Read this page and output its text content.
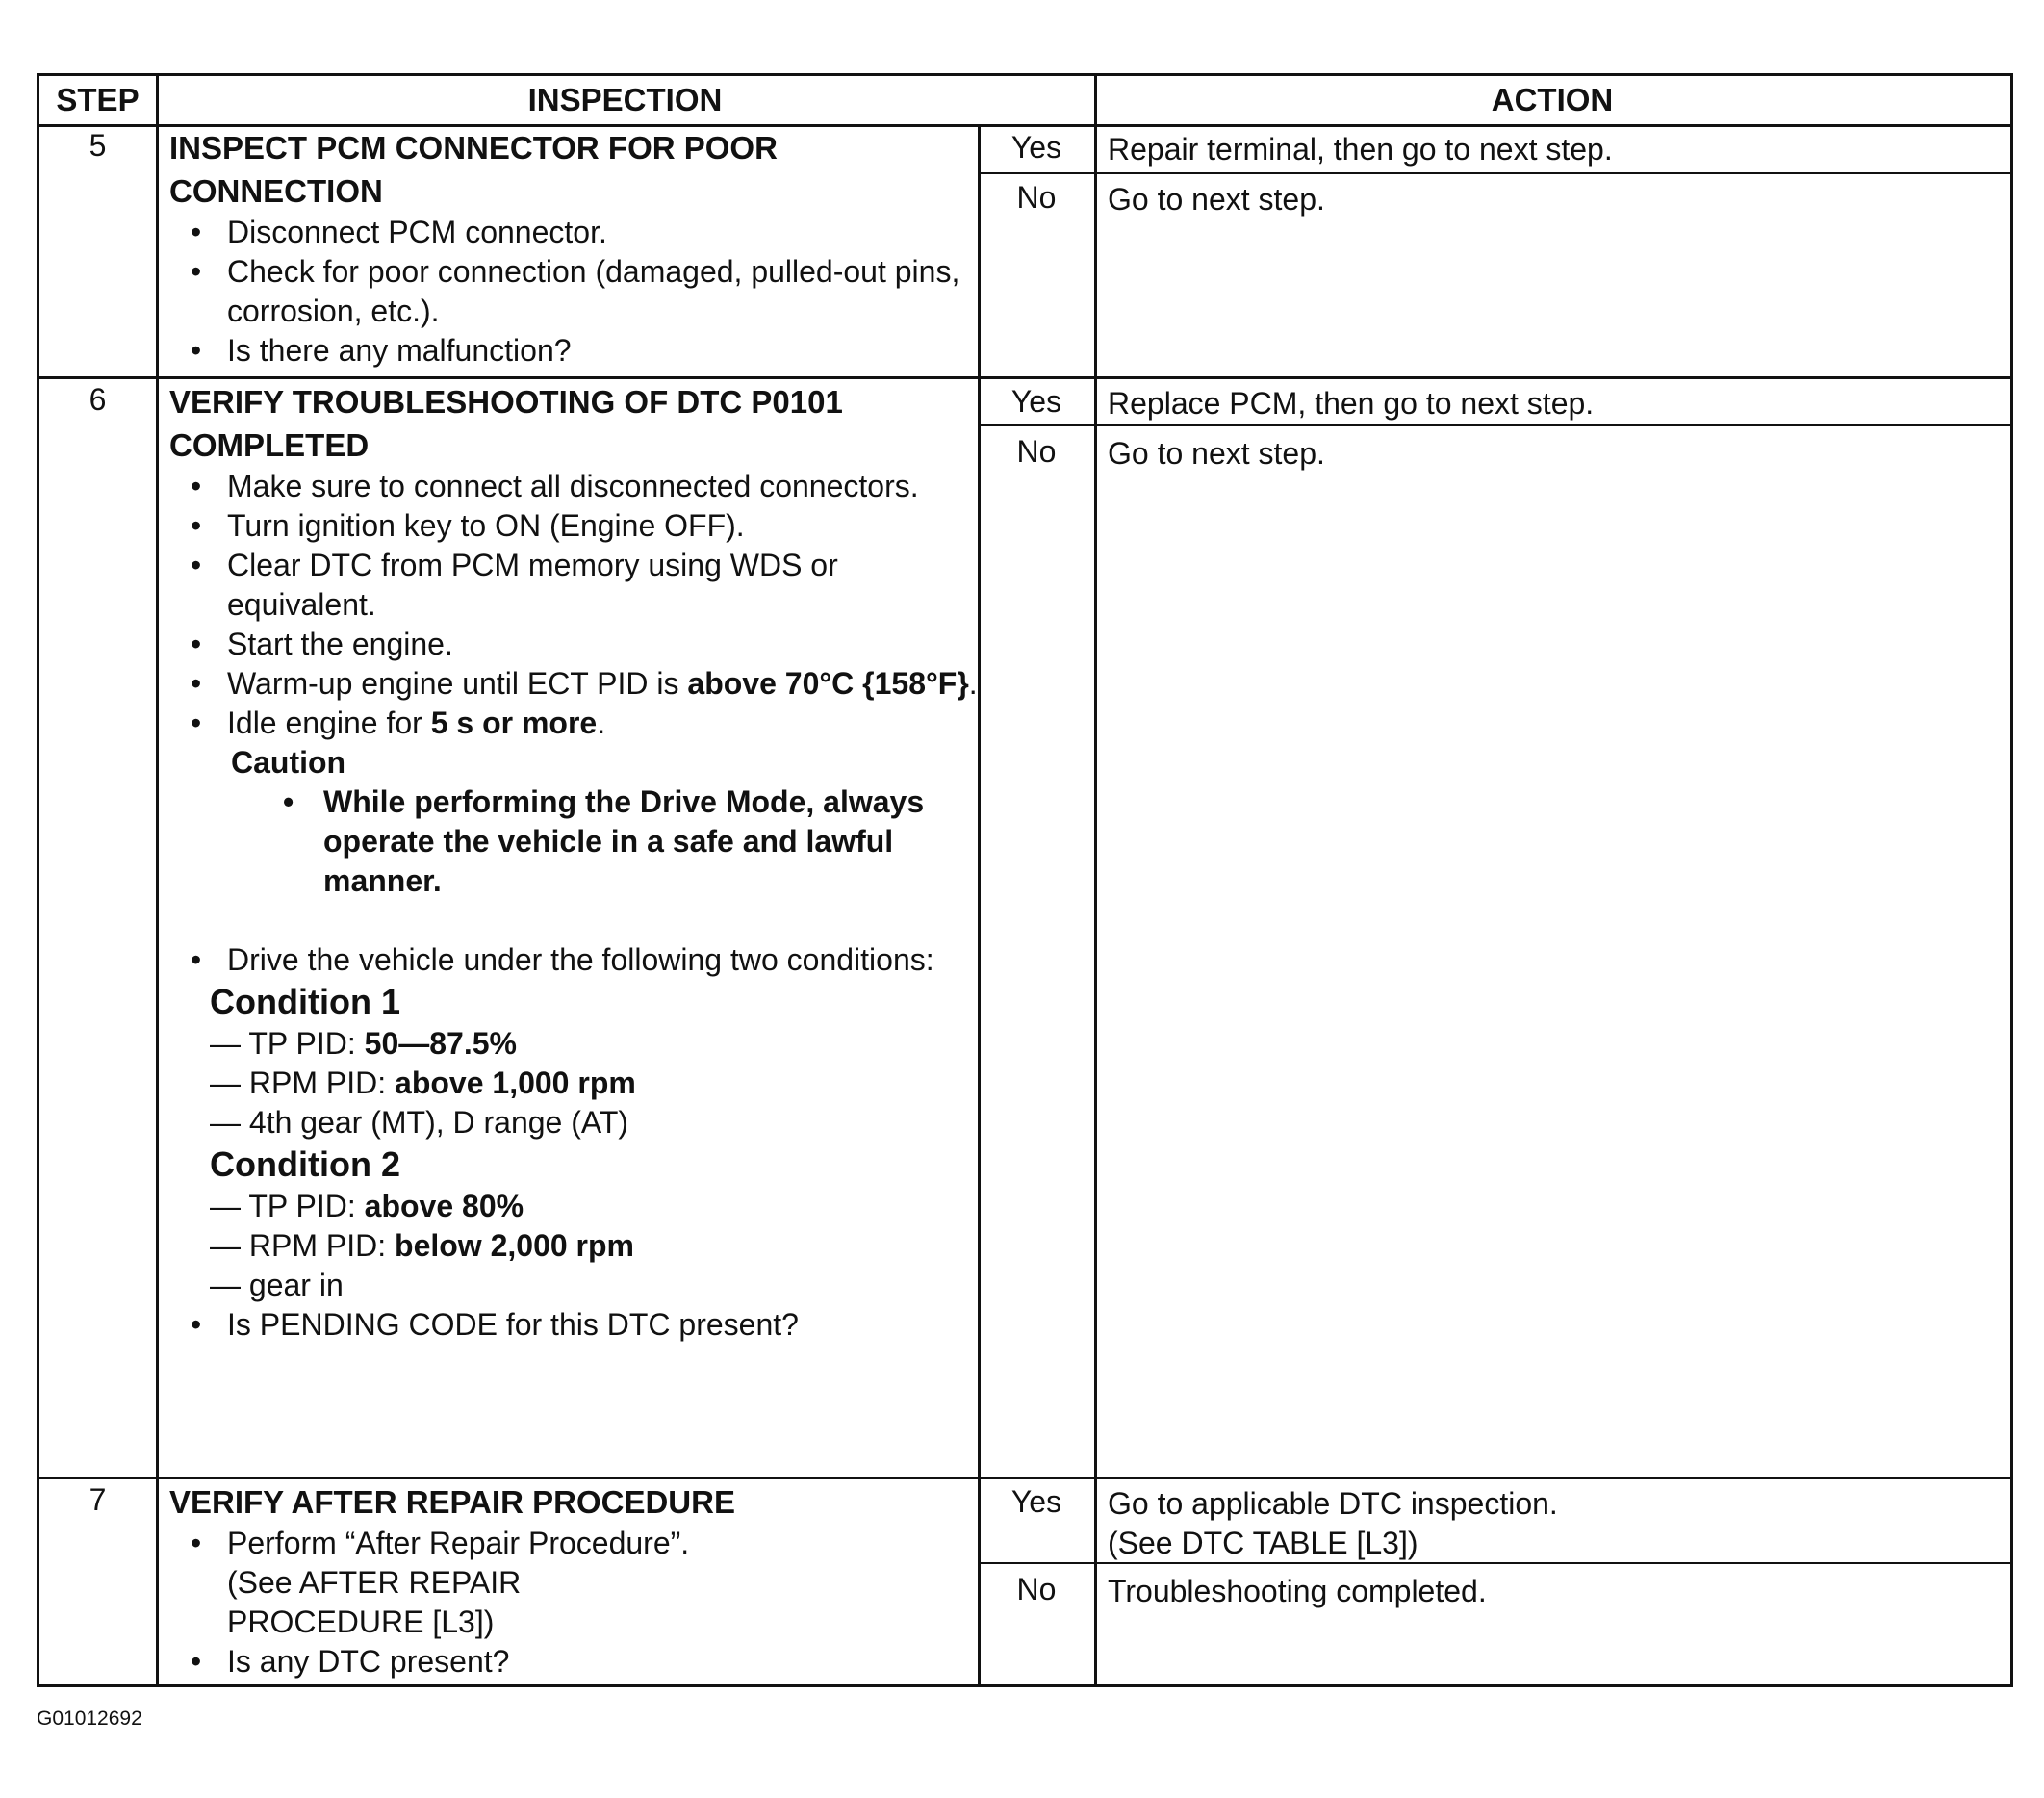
STEP	INSPECTION	ACTION
5	INSPECT PCM CONNECTOR FOR POOR CONNECTION
• Disconnect PCM connector.
• Check for poor connection (damaged, pulled-out pins, corrosion, etc.).
• Is there any malfunction?
Yes	Repair terminal, then go to next step.
No	Go to next step.
6	VERIFY TROUBLESHOOTING OF DTC P0101 COMPLETED
• Make sure to connect all disconnected connectors.
• Turn ignition key to ON (Engine OFF).
• Clear DTC from PCM memory using WDS or equivalent.
• Start the engine.
• Warm-up engine until ECT PID is above 70°C {158°F}.
• Idle engine for 5 s or more.
Caution
• While performing the Drive Mode, always operate the vehicle in a safe and lawful manner.
• Drive the vehicle under the following two conditions:
Condition 1
— TP PID: 50—87.5%
— RPM PID: above 1,000 rpm
— 4th gear (MT), D range (AT)
Condition 2
— TP PID: above 80%
— RPM PID: below 2,000 rpm
— gear in
• Is PENDING CODE for this DTC present?
Yes	Replace PCM, then go to next step.
No	Go to next step.
7	VERIFY AFTER REPAIR PROCEDURE
• Perform “After Repair Procedure”.
(See AFTER REPAIR
PROCEDURE [L3])
• Is any DTC present?
Yes	Go to applicable DTC inspection.
(See DTC TABLE [L3])
No	Troubleshooting completed.
G01012692
